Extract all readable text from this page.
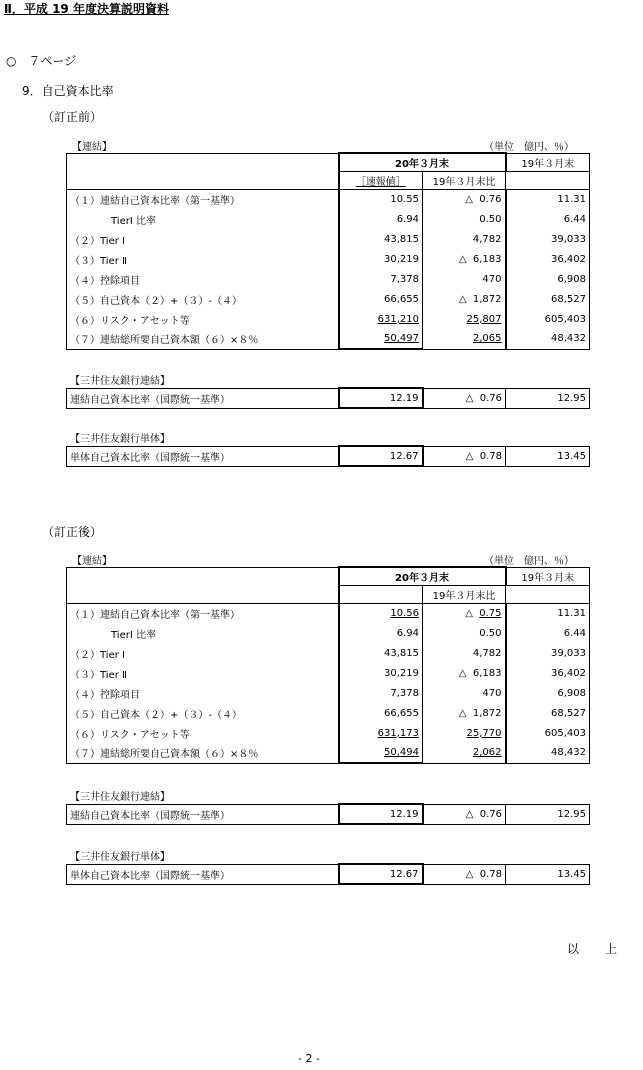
Ⅱ．平成 19 年度決算説明資料
○　７ページ
9．自己資本比率
（訂正前）
【連結】	（単位　億円、％）
	20年３月末		19年３月末
	［速報値］	19年３月末比	
（１）連結自己資本比率（第一基準）	10.55	△ 0.76	11.31
TierⅠ 比率	6.94	0.50	6.44
（２）Tier Ⅰ	43,815	4,782	39,033
（３）Tier Ⅱ	30,219	△ 6,183	36,402
（４）控除項目	7,378	470	6,908
（５）自己資本（２）+（３）-（４）	66,655	△ 1,872	68,527
（６）リスク・アセット等	631,210	25,807	605,403
（７）連結総所要自己資本額（６）×８％	50,497	2,065	48,432
【三井住友銀行連結】
連結自己資本比率（国際統一基準）	12.19	△ 0.76	12.95
【三井住友銀行単体】
単体自己資本比率（国際統一基準）	12.67	△ 0.78	13.45
（訂正後）
【連結】	（単位　億円、％）
	20年３月末		19年３月末
		19年３月末比	
（１）連結自己資本比率（第一基準）	10.56	△ 0.75	11.31
TierⅠ 比率	6.94	0.50	6.44
（２）Tier Ⅰ	43,815	4,782	39,033
（３）Tier Ⅱ	30,219	△ 6,183	36,402
（４）控除項目	7,378	470	6,908
（５）自己資本（２）+（３）-（４）	66,655	△ 1,872	68,527
（６）リスク・アセット等	631,173	25,770	605,403
（７）連結総所要自己資本額（６）×８％	50,494	2,062	48,432
【三井住友銀行連結】
連結自己資本比率（国際統一基準）	12.19	△ 0.76	12.95
【三井住友銀行単体】
単体自己資本比率（国際統一基準）	12.67	△ 0.78	13.45
以上
- 2 -
